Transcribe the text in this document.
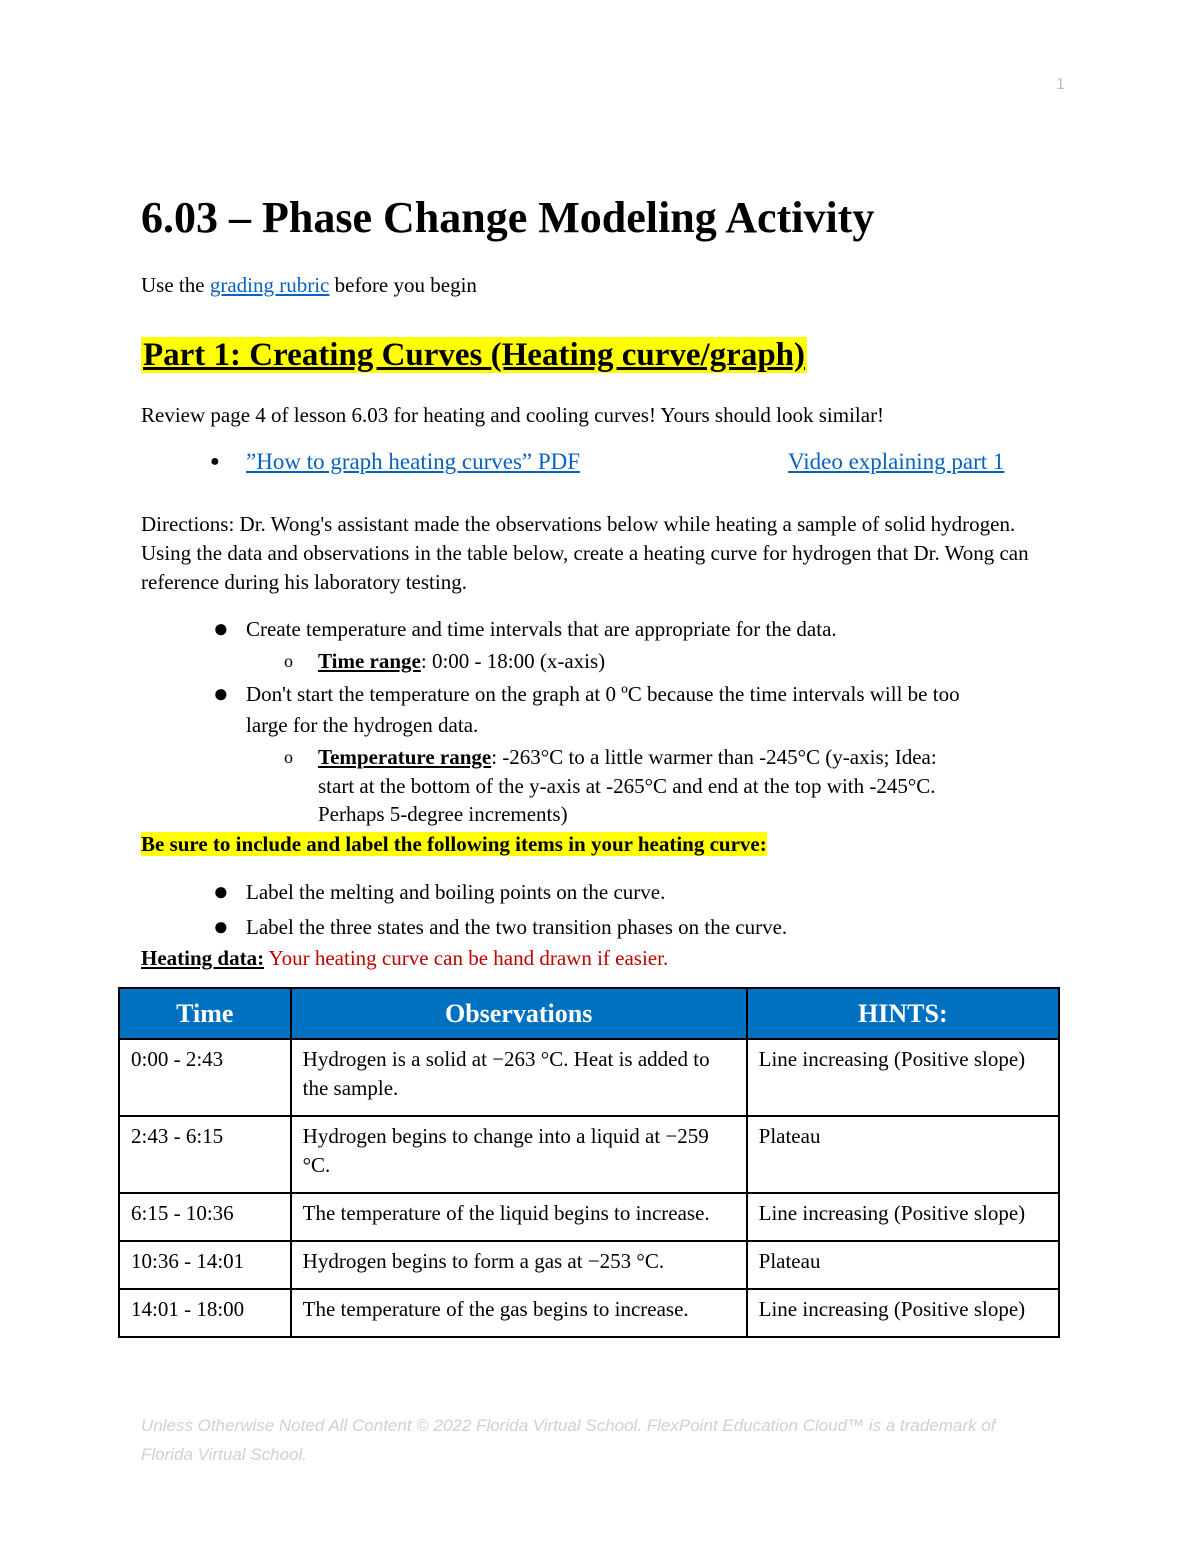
1
6.03 – Phase Change Modeling Activity
Use the grading rubric before you begin
Part 1: Creating Curves (Heating curve/graph)
Review page 4 of lesson 6.03 for heating and cooling curves! Yours should look similar!
● ”How to graph heating curves” PDF	Video explaining part 1
Directions: Dr. Wong's assistant made the observations below while heating a sample of solid hydrogen. Using the data and observations in the table below, create a heating curve for hydrogen that Dr. Wong can reference during his laboratory testing.
● Create temperature and time intervals that are appropriate for the data.
o Time range: 0:00 - 18:00 (x-axis)
● Don't start the temperature on the graph at 0 ºC because the time intervals will be too
large for the hydrogen data.
o Temperature range: -263°C to a little warmer than -245°C (y-axis; Idea:
start at the bottom of the y-axis at -265°C and end at the top with -245°C.
Perhaps 5-degree increments)
Be sure to include and label the following items in your heating curve:
● Label the melting and boiling points on the curve.
● Label the three states and the two transition phases on the curve.
Heating data: Your heating curve can be hand drawn if easier.
Time	Observations	HINTS:
0:00 - 2:43	Hydrogen is a solid at −263 °C. Heat is added to the sample.	Line increasing (Positive slope)
2:43 - 6:15	Hydrogen begins to change into a liquid at −259 °C.	Plateau
6:15 - 10:36	The temperature of the liquid begins to increase.	Line increasing (Positive slope)
10:36 - 14:01	Hydrogen begins to form a gas at −253 °C.	Plateau
14:01 - 18:00	The temperature of the gas begins to increase.	Line increasing (Positive slope)
Unless Otherwise Noted All Content © 2022 Florida Virtual School. FlexPoint Education Cloud™ is a trademark of Florida Virtual School.
